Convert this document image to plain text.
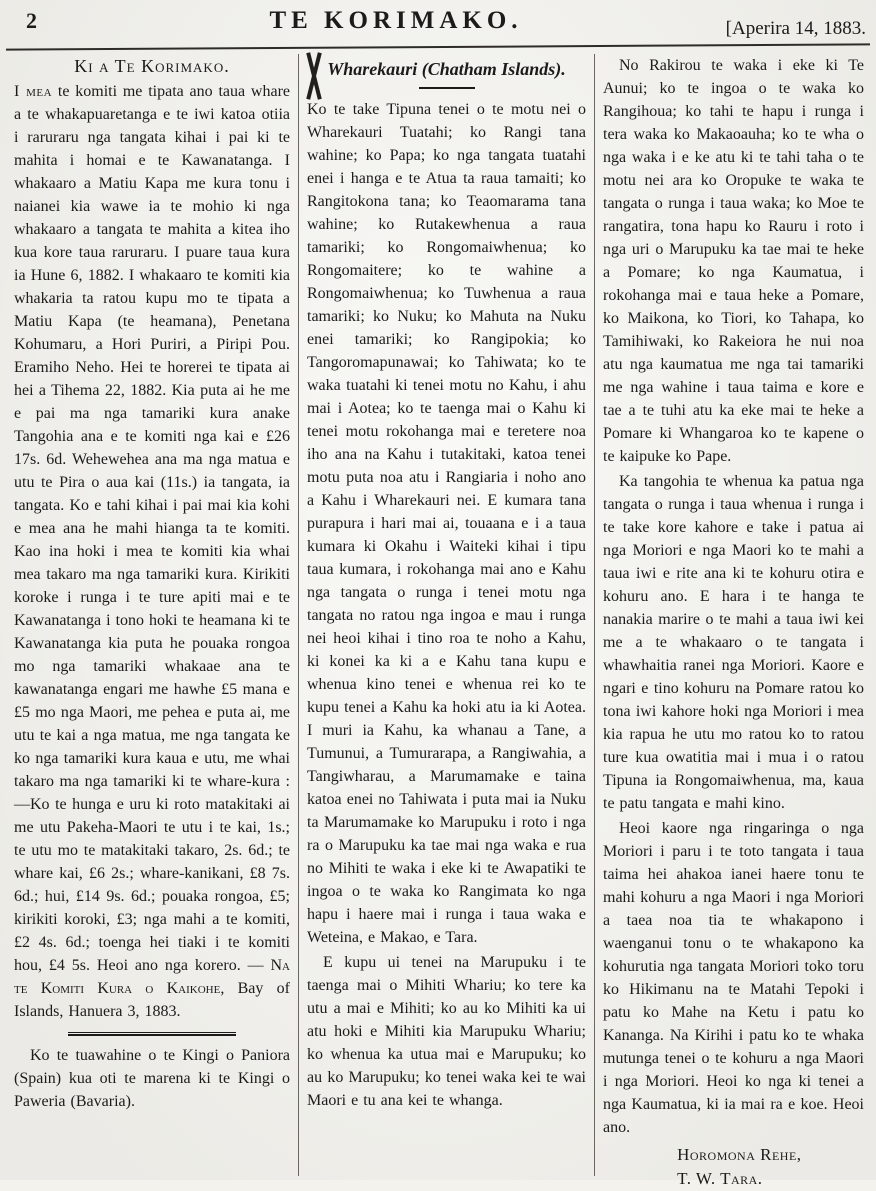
2	TE KORIMAKO.	[Aperira 14, 1883.
Ki a Te Korimako.

I mea te komiti me tipata ano taua whare a te whakapuaretanga e te iwi katoa otiia i raruraru nga tangata kihai i pai ki te mahita i homai e te Kawanatanga. I whakaaro a Matiu Kapa me kura tonu i naianei kia wawe ia te mohio ki nga whakaaro a tangata te mahita a kitea iho kua kore taua raruraru. I puare taua kura ia Hune 6, 1882. I whakaaro te komiti kia whakaria ta ratou kupu mo te tipata a Matiu Kapa (te heamana), Penetana Kohumaru, a Hori Puriri, a Piripi Pou. Eramiho Neho. Hei te horerei te tipata ai hei a Tihema 22, 1882. Kia puta ai he me e pai ma nga tamariki kura anake Tangohia ana e te komiti nga kai e £26 17s. 6d. Wehewehea ana ma nga matua e utu te Pira o aua kai (11s.) ia tangata, ia tangata. Ko e tahi kihai i pai mai kia kohi e mea ana he mahi hianga ta te komiti. Kao ina hoki i mea te komiti kia whai mea takaro ma nga tamariki kura. Kirikiti koroke i runga i te ture apiti mai e te Kawanatanga i tono hoki te heamana ki te Kawanatanga kia puta he pouaka rongoa mo nga tamariki whakaae ana te kawanatanga engari me hawhe £5 mana e £5 mo nga Maori, me pehea e puta ai, me utu te kai a nga matua, me nga tangata ke ko nga tamariki kura kaua e utu, me whai takaro ma nga tamariki ki te whare-kura :—Ko te hunga e uru ki roto matakitaki ai me utu Pakeha-Maori te utu i te kai, 1s.; te utu mo te matakitaki takaro, 2s. 6d.; te whare kai, £6 2s.; whare-kanikani, £8 7s. 6d.; hui, £14 9s. 6d.; pouaka rongoa, £5; kirikiti koroki, £3; nga mahi a te komiti, £2 4s. 6d.; toenga hei tiaki i te komiti hou, £4 5s. Heoi ano nga korero. — Na te Komiti Kura o Kaikohe, Bay of Islands, Hanuera 3, 1883.

Ko te tuawahine o te Kingi o Paniora (Spain) kua oti te marena ki te Kingi o Paweria (Bavaria).

Wharekauri (Chatham Islands).

Ko te take Tipuna tenei o te motu nei o Wharekauri Tuatahi; ko Rangi tana wahine; ko Papa; ko nga tangata tuatahi enei i hanga e te Atua ta raua tamaiti; ko Rangitokona tana; ko Teaomarama tana wahine; ko Rutakewhenua a raua tamariki; ko Rongomaiwhenua; ko Rongomaitere; ko te wahine a Rongomaiwhenua; ko Tuwhenua a raua tamariki; ko Nuku; ko Mahuta na Nuku enei tamariki; ko Rangipokia; ko Tangoromapunawai; ko Tahiwata; ko te waka tuatahi ki tenei motu no Kahu, i ahu mai i Aotea; ko te taenga mai o Kahu ki tenei motu rokohanga mai e teretere noa iho ana na Kahu i tutakitaki, katoa tenei motu puta noa atu i Rangiaria i noho ano a Kahu i Wharekauri nei. E kumara tana purapura i hari mai ai, touaana e i a taua kumara ki Okahu i Waiteki kihai i tipu taua kumara, i rokohanga mai ano e Kahu nga tangata o runga i tenei motu nga tangata no ratou nga ingoa e mau i runga nei heoi kihai i tino roa te noho a Kahu, ki konei ka ki a e Kahu tana kupu e whenua kino tenei e whenua rei ko te kupu tenei a Kahu ka hoki atu ia ki Aotea. I muri ia Kahu, ka whanau a Tane, a Tumunui, a Tumurarapa, a Rangiwahia, a Tangiwharau, a Marumamake e taina katoa enei no Tahiwata i puta mai ia Nuku ta Marumamake ko Marupuku i roto i nga ra o Marupuku ka tae mai nga waka e rua no Mihiti te waka i eke ki te Awapatiki te ingoa o te waka ko Rangimata ko nga hapu i haere mai i runga i taua waka e Weteina, e Makao, e Tara.

E kupu ui tenei na Marupuku i te taenga mai o Mihiti Whariu; ko tere ka utu a mai e Mihiti; ko au ko Mihiti ka ui atu hoki e Mihiti kia Marupuku Whariu; ko whenua ka utua mai e Marupuku; ko au ko Marupuku; ko tenei waka kei te wai Maori e tu ana kei te whanga.

No Rakirou te waka i eke ki Te Aunui; ko te ingoa o te waka ko Rangihoua; ko tahi te hapu i runga i tera waka ko Makaoauha; ko te wha o nga waka i e ke atu ki te tahi taha o te motu nei ara ko Oropuke te waka te tangata o runga i taua waka; ko Moe te rangatira, tona hapu ko Rauru i roto i nga uri o Marupuku ka tae mai te heke a Pomare; ko nga Kaumatua, i rokohanga mai e taua heke a Pomare, ko Maikona, ko Tiori, ko Tahapa, ko Tamihiwaki, ko Rakeiora he nui noa atu nga kaumatua me nga tai tamariki me nga wahine i taua taima e kore e tae a te tuhi atu ka eke mai te heke a Pomare ki Whangaroa ko te kapene o te kaipuke ko Pape.

Ka tangohia te whenua ka patua nga tangata o runga i taua whenua i runga i te take kore kahore e take i patua ai nga Moriori e nga Maori ko te mahi a taua iwi e rite ana ki te kohuru otira e kohuru ano. E hara i te hanga te nanakia marire o te mahi a taua iwi kei me a te whakaaro o te tangata i whawhaitia ranei nga Moriori. Kaore e ngari e tino kohuru na Pomare ratou ko tona iwi kahore hoki nga Moriori i mea kia rapua he utu mo ratou ko to ratou ture kua owatitia mai i mua i o ratou Tipuna ia Rongomaiwhenua, ma, kaua te patu tangata e mahi kino.

Heoi kaore nga ringaringa o nga Moriori i paru i te toto tangata i taua taima hei ahakoa ianei haere tonu te mahi kohuru a nga Maori i nga Moriori a taea noa tia te whakapono i waenganui tonu o te whakapono ka kohurutia nga tangata Moriori toko toru ko Hikimanu na te Matahi Tepoki i patu ko Mahe na Ketu i patu ko Kananga. Na Kirihi i patu ko te whaka mutunga tenei o te kohuru a nga Maori i nga Moriori. Heoi ko nga ki tenei a nga Kaumatua, ki ia mai ra e koe. Heoi ano.

Horomona Rehe,

T. W. Tara.
